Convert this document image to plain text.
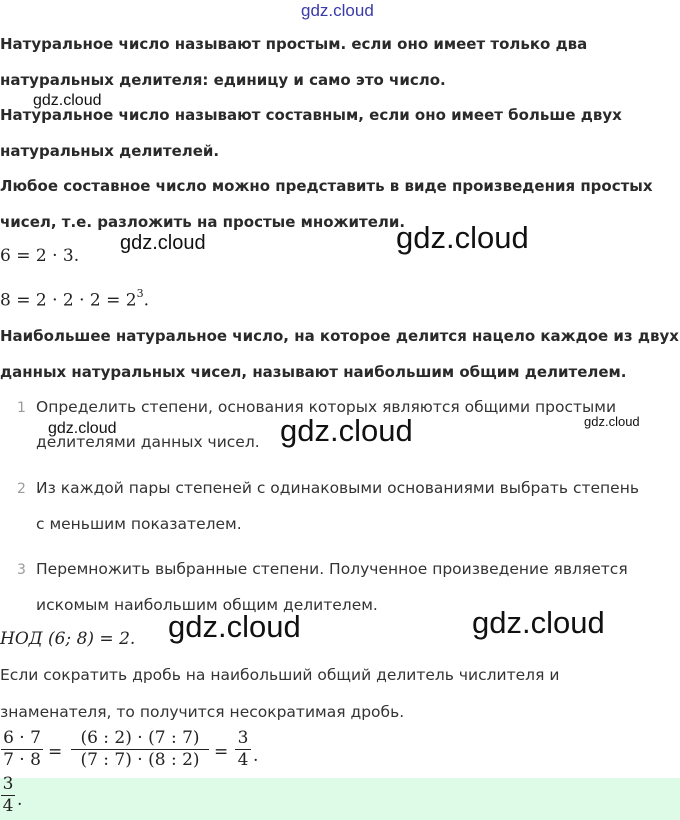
gdz.cloud
Натуральное число называют простым. если оно имеет только два
натуральных делителя: единицу и само это число.
Натуральное число называют составным, если оно имеет больше двух
натуральных делителей.
Любое составное число можно представить в виде произведения простых
чисел, т.е. разложить на простые множители.
6 = 2 · 3.
$8 = 2 \cdot 2 \cdot 2 = 2^3$.
Наибольшее натуральное число, на которое делится нацело каждое из двух
данных натуральных чисел, называют наибольшим общим делителем.
1 Определить степени, основания которых являются общими простыми
делителями данных чисел.
2 Из каждой пары степеней с одинаковыми основаниями выбрать степень
с меньшим показателем.
3 Перемножить выбранные степени. Полученное произведение является
искомым наибольшим общим делителем.
НОД (6; 8) = 2.
Если сократить дробь на наибольший общий делитель числителя и
знаменателя, то получится несократимая дробь.
6 · 7
7 · 8 =
(6 : 2) · (7 : 7)
(7 : 7) · (8 : 2) =
3
4 .
3
4 .
gdz.cloud
gdz.cloud	gdz.cloud
gdz.cloud	gdz.cloud	gdz.cloud
gdz.cloud	gdz.cloud
